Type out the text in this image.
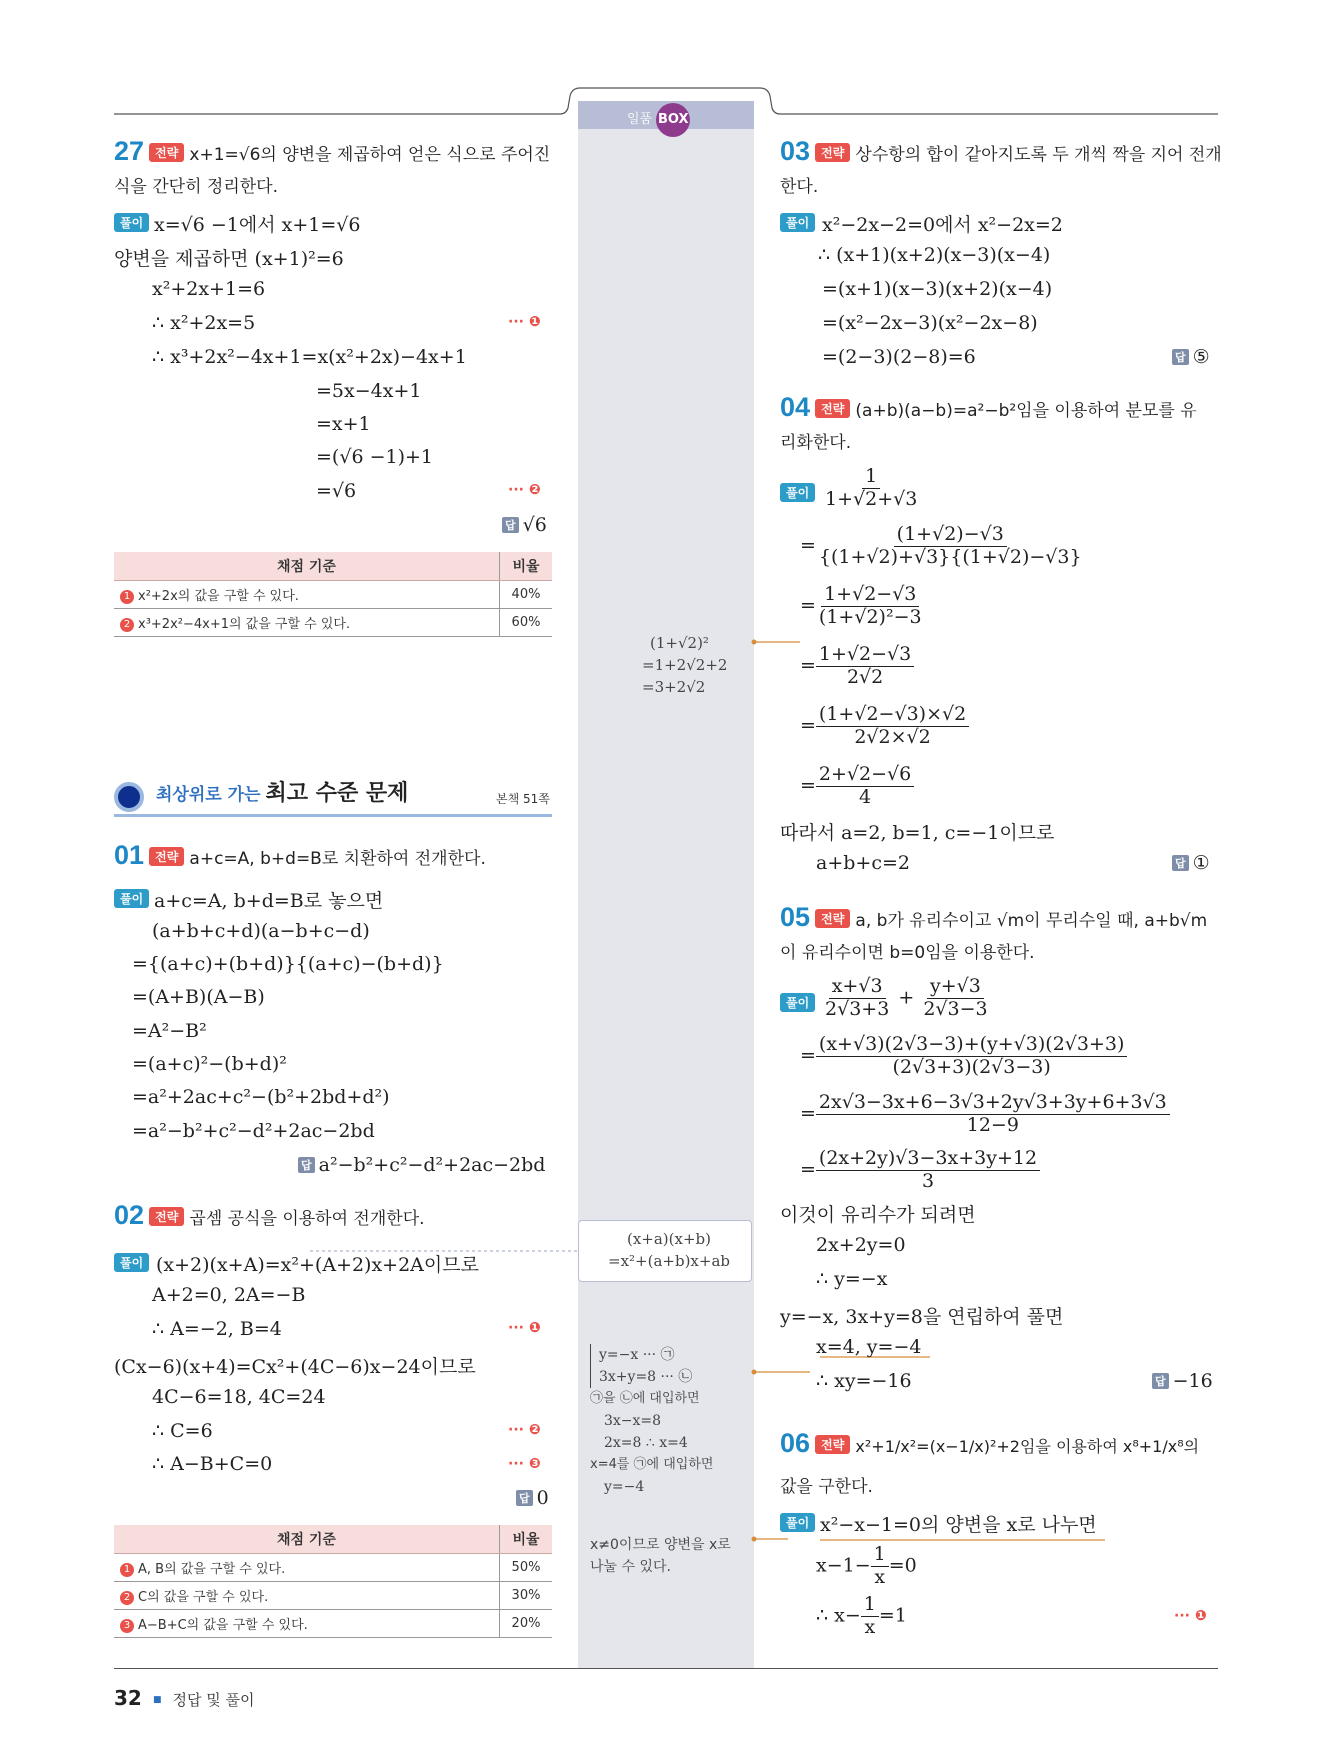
일품 BOX
27 전략 x+1=√6의 양변을 제곱하여 얻은 식으로 주어진
식을 간단히 정리한다.
풀이 x=√6 −1에서 x+1=√6
양변을 제곱하면 (x+1)²=6
x²+2x+1=6
∴ x²+2x=5	··· ❶
∴ x³+2x²−4x+1=x(x²+2x)−4x+1
=5x−4x+1
=x+1
=(√6 −1)+1
=√6	··· ❷
답 √6
채점 기준	비율
1 x²+2x의 값을 구할 수 있다.	40%
2 x³+2x²−4x+1의 값을 구할 수 있다.	60%
최상위로 가는 최고 수준 문제	본책 51쪽
01 전략 a+c=A, b+d=B로 치환하여 전개한다.
풀이 a+c=A, b+d=B로 놓으면
(a+b+c+d)(a−b+c−d)
={(a+c)+(b+d)}{(a+c)−(b+d)}
=(A+B)(A−B)
=A²−B²
=(a+c)²−(b+d)²
=a²+2ac+c²−(b²+2bd+d²)
=a²−b²+c²−d²+2ac−2bd
답 a²−b²+c²−d²+2ac−2bd
02 전략 곱셈 공식을 이용하여 전개한다.
풀이 (x+2)(x+A)=x²+(A+2)x+2A이므로
A+2=0, 2A=−B
∴ A=−2, B=4	··· ❶
(Cx−6)(x+4)=Cx²+(4C−6)x−24이므로
4C−6=18, 4C=24
∴ C=6	··· ❷
∴ A−B+C=0	··· ❸
답 0
채점 기준	비율
1 A, B의 값을 구할 수 있다.	50%
2 C의 값을 구할 수 있다.	30%
3 A−B+C의 값을 구할 수 있다.	20%
(1+√2)²
=1+2√2+2
=3+2√2
(x+a)(x+b)
=x²+(a+b)x+ab
y=−x ··· ㉠
3x+y=8 ··· ㉡
㉠을 ㉡에 대입하면
3x−x=8
2x=8 ∴ x=4
x=4를 ㉠에 대입하면
y=−4
x≠0이므로 양변을 x로
나눌 수 있다.
03 전략 상수항의 합이 같아지도록 두 개씩 짝을 지어 전개
한다.
풀이 x²−2x−2=0에서 x²−2x=2
∴ (x+1)(x+2)(x−3)(x−4)
=(x+1)(x−3)(x+2)(x−4)
=(x²−2x−3)(x²−2x−8)
=(2−3)(2−8)=6	답 ⑤
04 전략 (a+b)(a−b)=a²−b²임을 이용하여 분모를 유
리화한다.
풀이 $\frac{1}{1+√2+√3}$
= $\frac{(1+√2)-√3}{\{(1+√2)+√3\}\{(1+√2)-√3\}}$
= $\frac{1+√2-√3}{\text{(1+√2)²−3}}$
= $\frac{1+√2-√3}{2√2}$
= $\frac{(1+√2-√3)\times√2}{2√2\times√2}$
= $\frac{2+√2-√6}{4}$
따라서 a=2, b=1, c=−1이므로
a+b+c=2	답 ①
05 전략 a, b가 유리수이고 √m이 무리수일 때, a+b√m
이 유리수이면 b=0임을 이용한다.
풀이 $\frac{x+√3}{2√3+3} + \frac{y+√3}{2√3-3}$
= $\frac{(x+√3)(2√3-3)+(y+√3)(2√3+3)}{(2√3+3)(2√3-3)}$
= $\frac{2x√3-3x+6-3√3+2y√3+3y+6+3√3}{12-9}$
= $\frac{(2x+2y)√3-3x+3y+12}{3}$
이것이 유리수가 되려면
2x+2y=0
∴ y=−x
y=−x, 3x+y=8을 연립하여 풀면
x=4, y=−4
∴ xy=−16	답 −16
06 전략 x²+1/x²=(x−1/x)²+2임을 이용하여 x⁸+1/x⁸의
값을 구한다.
풀이 x²−x−1=0의 양변을 x로 나누면
$x-1- \frac{1}{x} =0$
∴ $x- \frac{1}{x} =1$	··· ❶
32 ■ 정답 및 풀이
